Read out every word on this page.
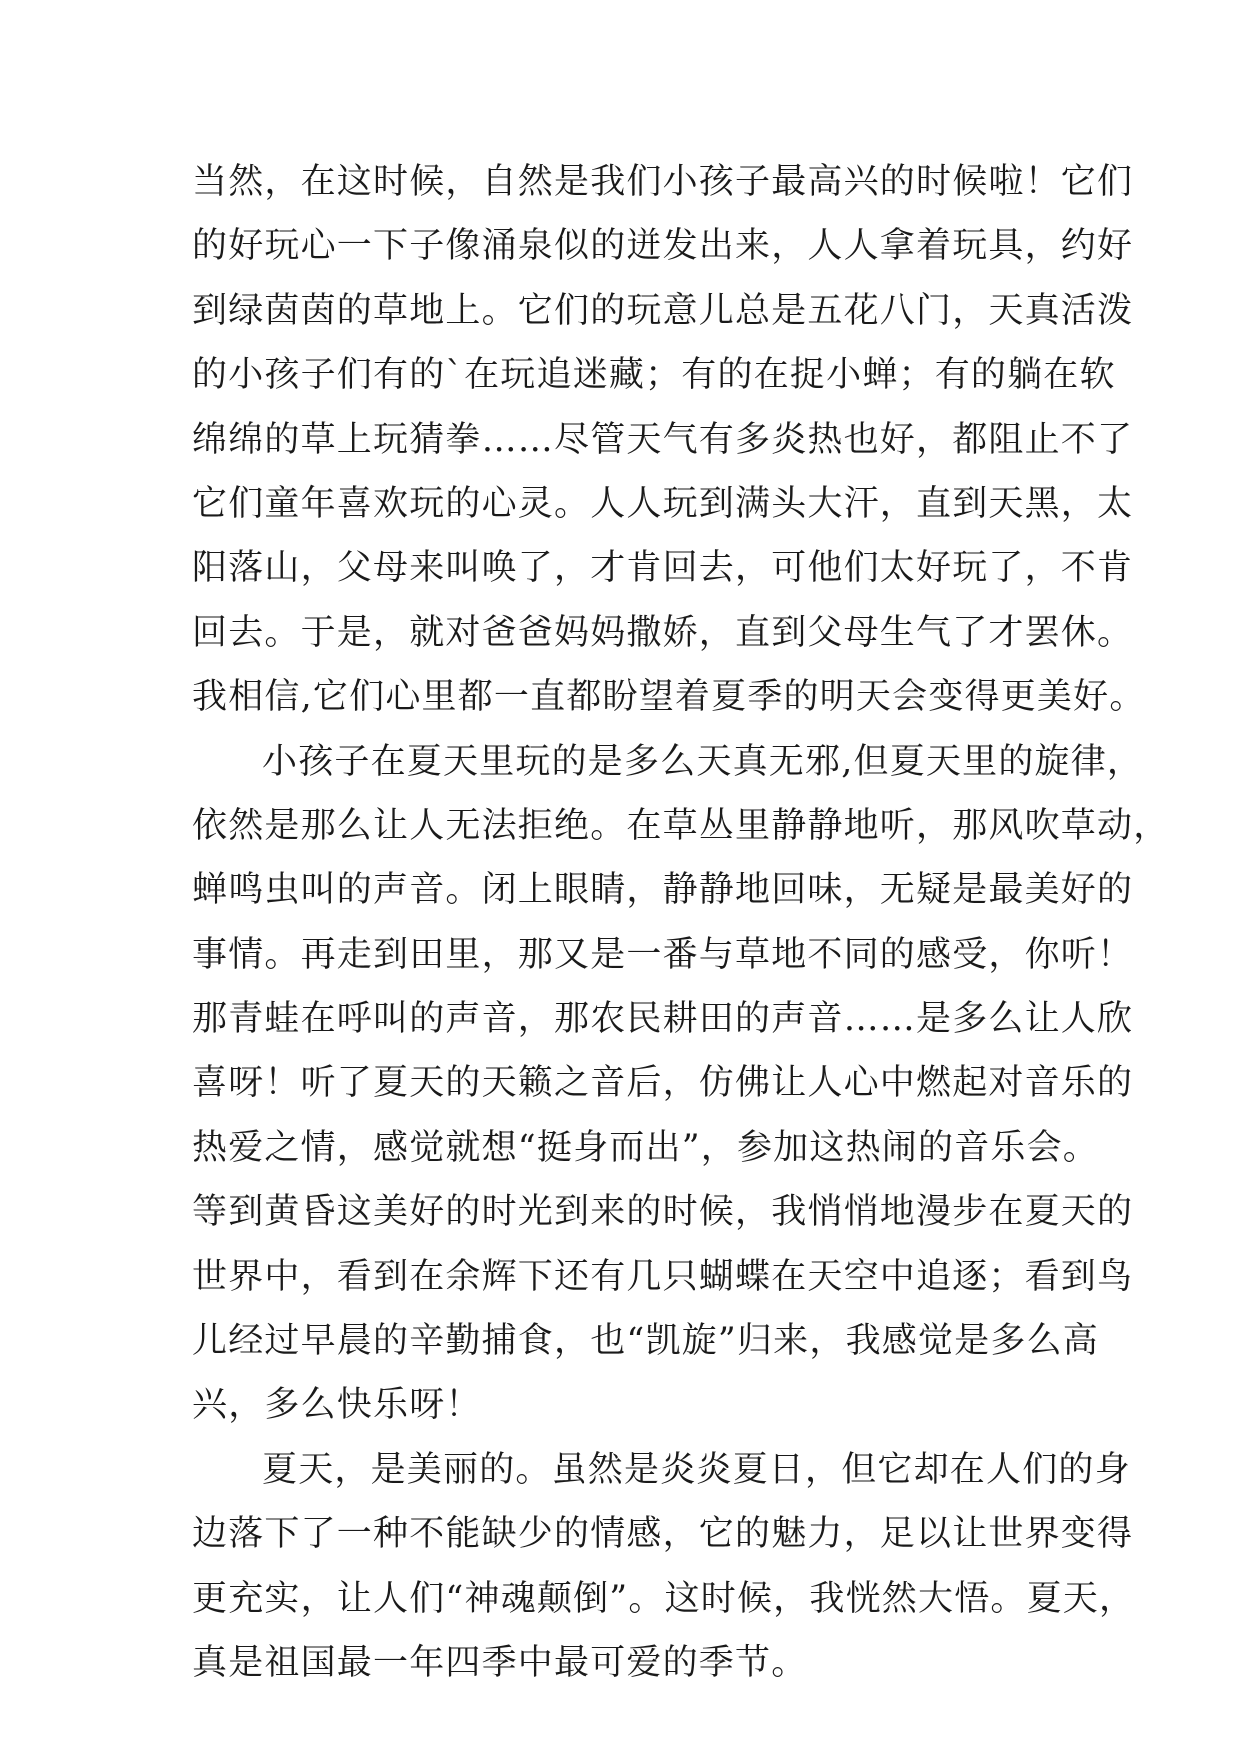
当然，在这时候，自然是我们小孩子最高兴的时候啦！它们
的好玩心一下子像涌泉似的迸发出来，人人拿着玩具，约好
到绿茵茵的草地上。它们的玩意儿总是五花八门，天真活泼
的小孩子们有的`在玩追迷藏；有的在捉小蝉；有的躺在软
绵绵的草上玩猜拳……尽管天气有多炎热也好，都阻止不了
它们童年喜欢玩的心灵。人人玩到满头大汗，直到天黑，太
阳落山，父母来叫唤了，才肯回去，可他们太好玩了，不肯
回去。于是，就对爸爸妈妈撒娇，直到父母生气了才罢休。
我相信,它们心里都一直都盼望着夏季的明天会变得更美好。
小孩子在夏天里玩的是多么天真无邪,但夏天里的旋律，
依然是那么让人无法拒绝。在草丛里静静地听，那风吹草动，
蝉鸣虫叫的声音。闭上眼睛，静静地回味，无疑是最美好的
事情。再走到田里，那又是一番与草地不同的感受，你听！
那青蛙在呼叫的声音，那农民耕田的声音……是多么让人欣
喜呀！听了夏天的天籁之音后，仿佛让人心中燃起对音乐的
热爱之情，感觉就想“挺身而出”，参加这热闹的音乐会。
等到黄昏这美好的时光到来的时候，我悄悄地漫步在夏天的
世界中，看到在余辉下还有几只蝴蝶在天空中追逐；看到鸟
儿经过早晨的辛勤捕食，也“凯旋”归来，我感觉是多么高
兴，多么快乐呀！
夏天，是美丽的。虽然是炎炎夏日，但它却在人们的身
边落下了一种不能缺少的情感，它的魅力，足以让世界变得
更充实，让人们“神魂颠倒”。这时候，我恍然大悟。夏天，
真是祖国最一年四季中最可爱的季节。
